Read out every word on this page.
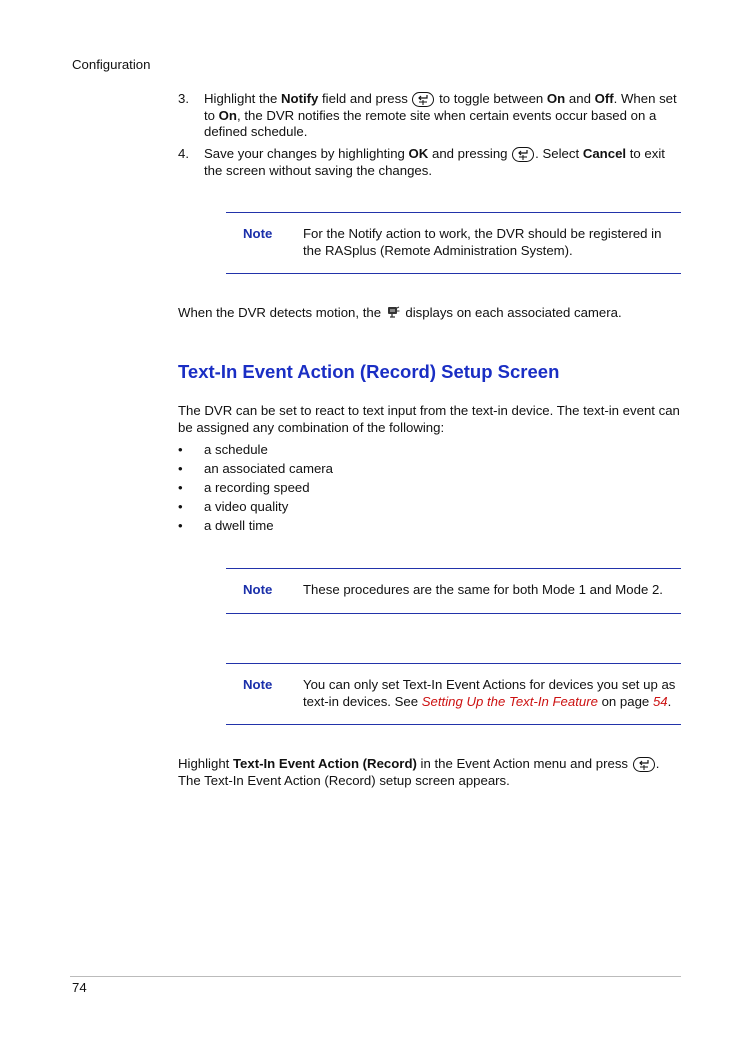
Configuration
3. Highlight the Notify field and press
to toggle between On and Off. When set to On, the DVR notifies the remote site when certain events occur based on a defined schedule.
4. Save your changes by highlighting OK and pressing
. Select Cancel to exit the screen without saving the changes.
Note For the Notify action to work, the DVR should be registered in the RASplus (Remote Administration System).
When the DVR detects motion, the  displays on each associated camera.
Text-In Event Action (Record) Setup Screen
The DVR can be set to react to text input from the text-in device. The text-in event can be assigned any combination of the following:
• a schedule
• an associated camera
• a recording speed
• a video quality
• a dwell time
Note These procedures are the same for both Mode 1 and Mode 2.
Note You can only set Text-In Event Actions for devices you set up as text-in devices. See Setting Up the Text-In Feature on page 54.
Highlight Text-In Event Action (Record) in the Event Action menu and press
. The Text-In Event Action (Record) setup screen appears.
74
